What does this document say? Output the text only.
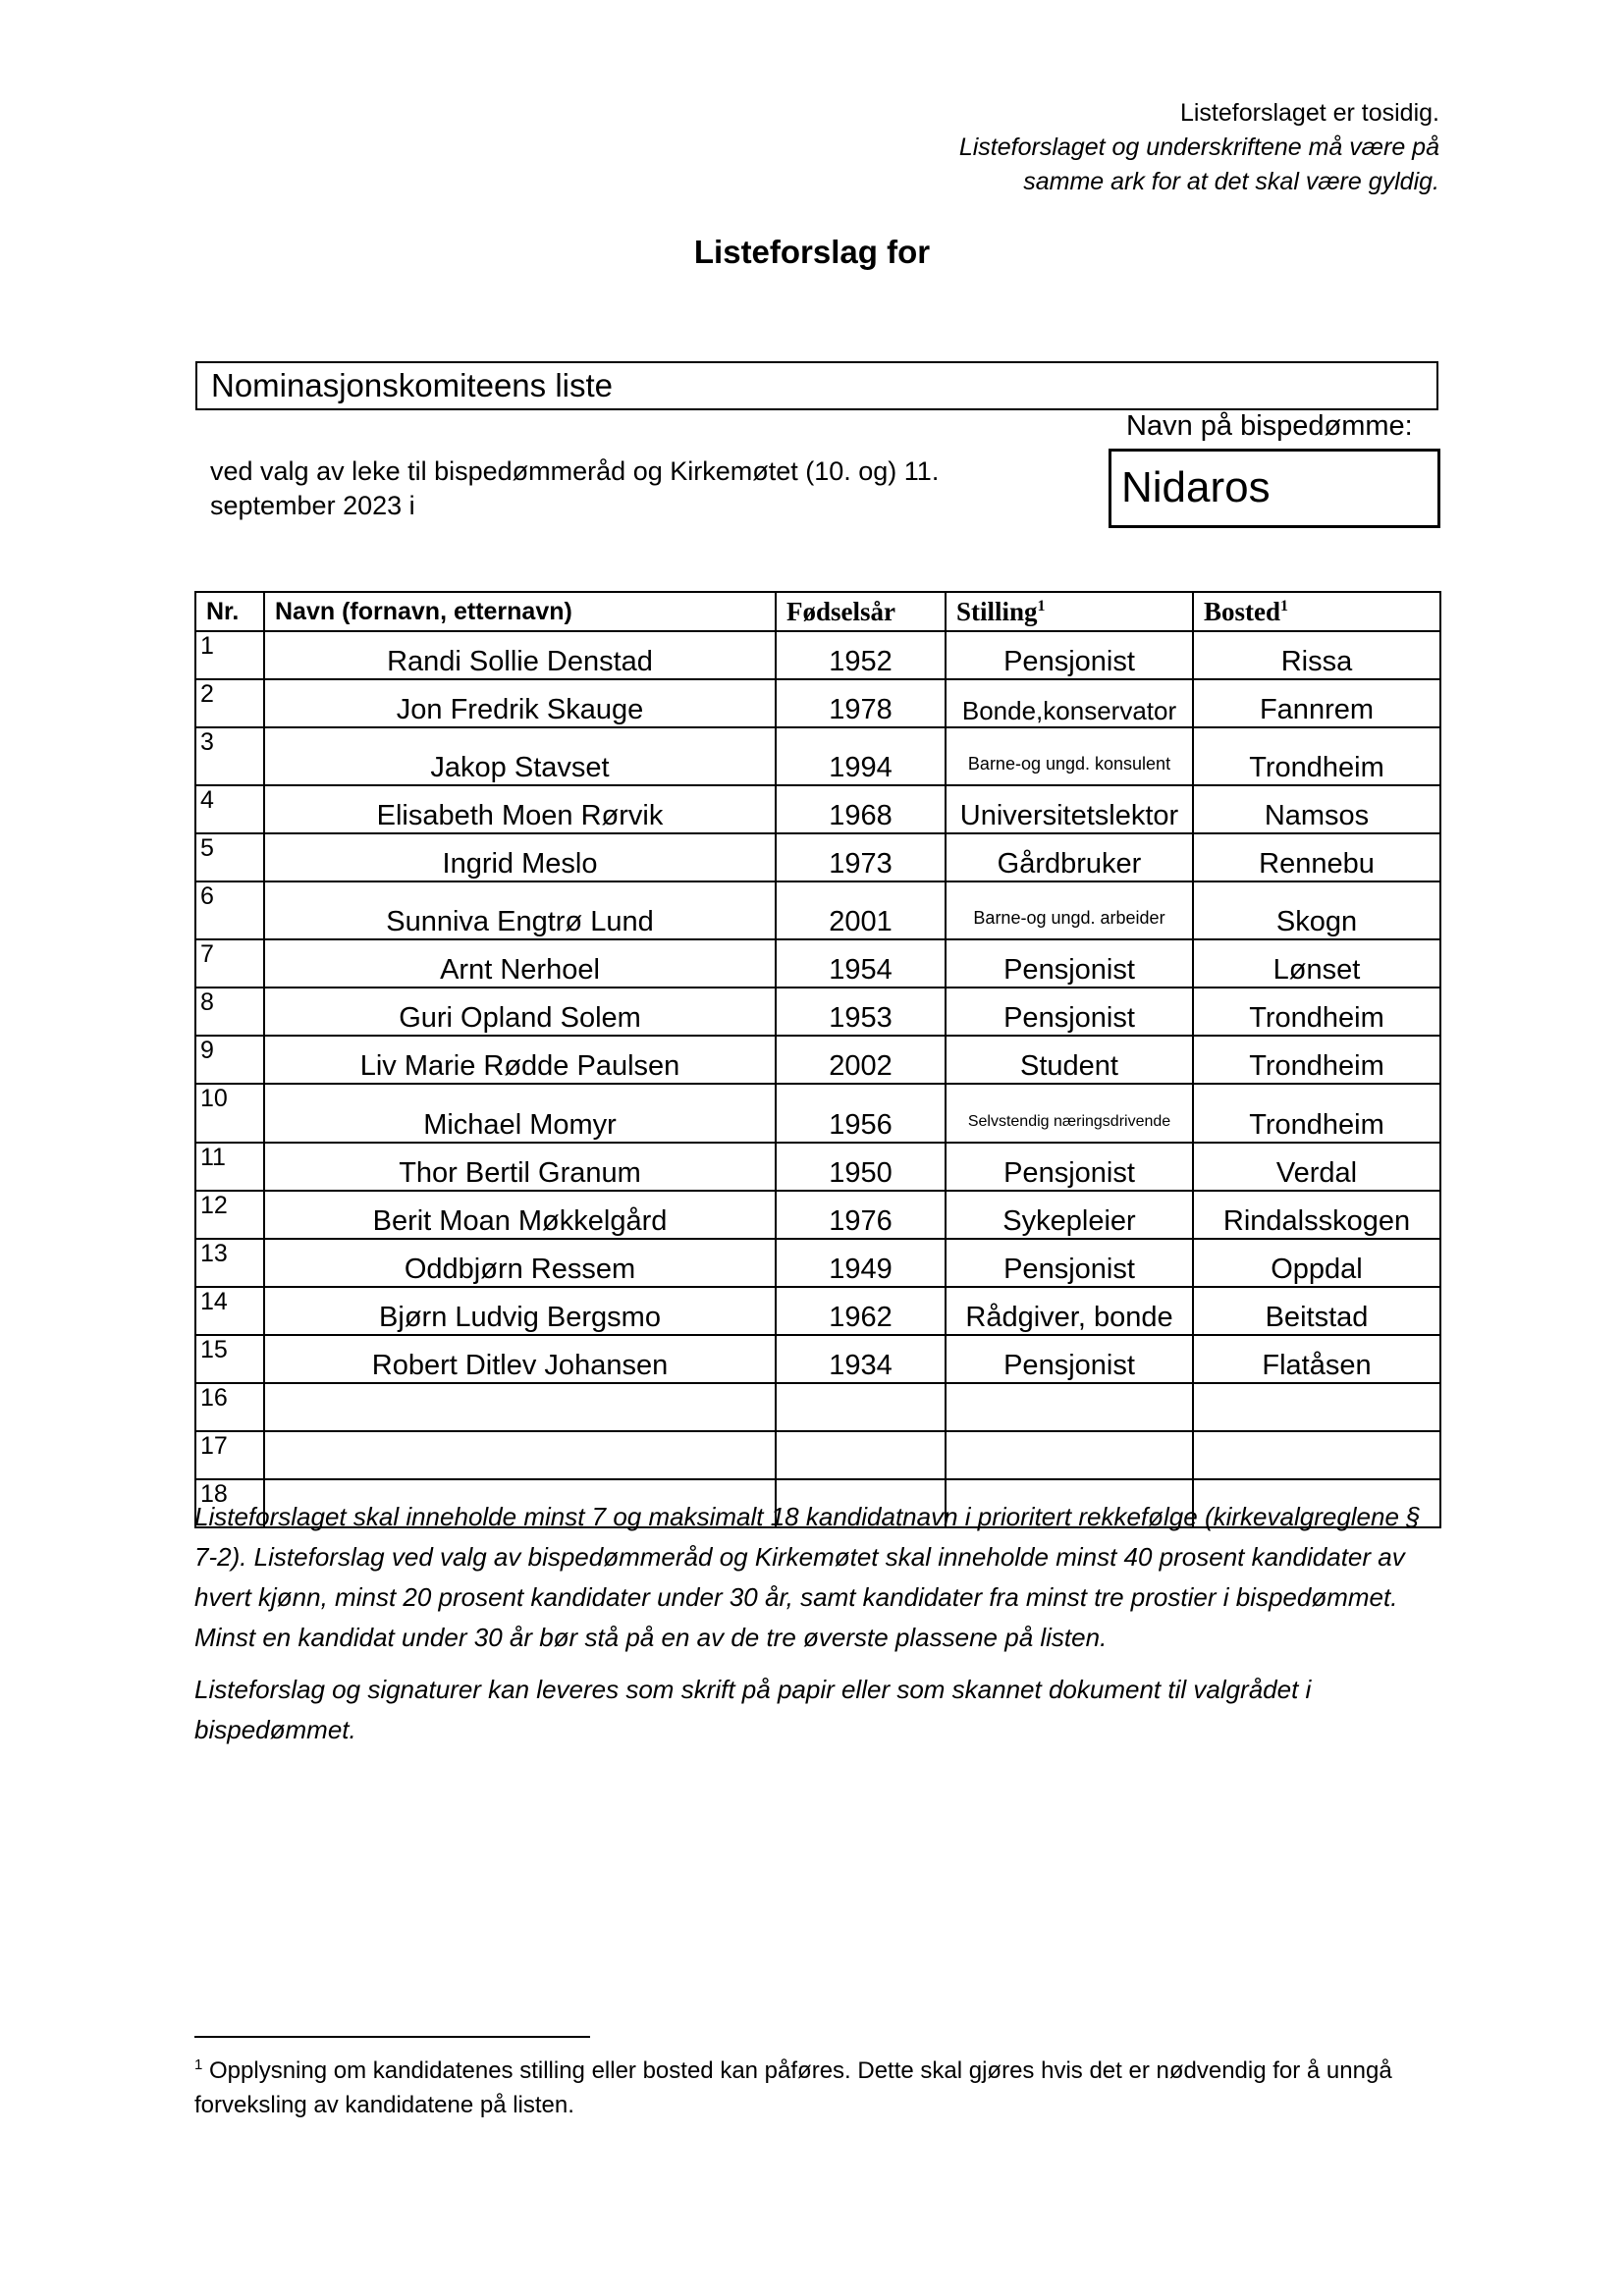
Listeforslaget er tosidig.
Listeforslaget og underskriftene må være på
samme ark for at det skal være gyldig.
Listeforslag for
Nominasjonskomiteens liste
Navn på bispedømme:
Nidaros
ved valg av leke til bispedømmeråd og Kirkemøtet (10. og) 11.
september 2023 i
Nr.	Navn (fornavn, etternavn)	Fødselsår	Stilling$^1$	Bosted$^1$
1	Randi Sollie Denstad	1952	Pensjonist	Rissa
2	Jon Fredrik Skauge	1978	Bonde,konservator	Fannrem
3	Jakop Stavset	1994	Barne-og ungd. konsulent	Trondheim
4	Elisabeth Moen Rørvik	1968	Universitetslektor	Namsos
5	Ingrid Meslo	1973	Gårdbruker	Rennebu
6	Sunniva Engtrø Lund	2001	Barne-og ungd. arbeider	Skogn
7	Arnt Nerhoel	1954	Pensjonist	Lønset
8	Guri Opland Solem	1953	Pensjonist	Trondheim
9	Liv Marie Rødde Paulsen	2002	Student	Trondheim
10	Michael Momyr	1956	Selvstendig næringsdrivende	Trondheim
11	Thor Bertil Granum	1950	Pensjonist	Verdal
12	Berit Moan Møkkelgård	1976	Sykepleier	Rindalsskogen
13	Oddbjørn Ressem	1949	Pensjonist	Oppdal
14	Bjørn Ludvig Bergsmo	1962	Rådgiver, bonde	Beitstad
15	Robert Ditlev Johansen	1934	Pensjonist	Flatåsen
16				
17				
18				

Listeforslaget skal inneholde minst 7 og maksimalt 18 kandidatnavn i prioritert rekkefølge (kirkevalgreglene § 7-2). Listeforslag ved valg av bispedømmeråd og Kirkemøtet skal inneholde minst 40 prosent kandidater av hvert kjønn, minst 20 prosent kandidater under 30 år, samt kandidater fra minst tre prostier i bispedømmet. Minst en kandidat under 30 år bør stå på en av de tre øverste plassene på listen.

Listeforslag og signaturer kan leveres som skrift på papir eller som skannet dokument til valgrådet i bispedømmet.

$^1$ Opplysning om kandidatenes stilling eller bosted kan påføres. Dette skal gjøres hvis det er nødvendig for å unngå forveksling av kandidatene på listen.
